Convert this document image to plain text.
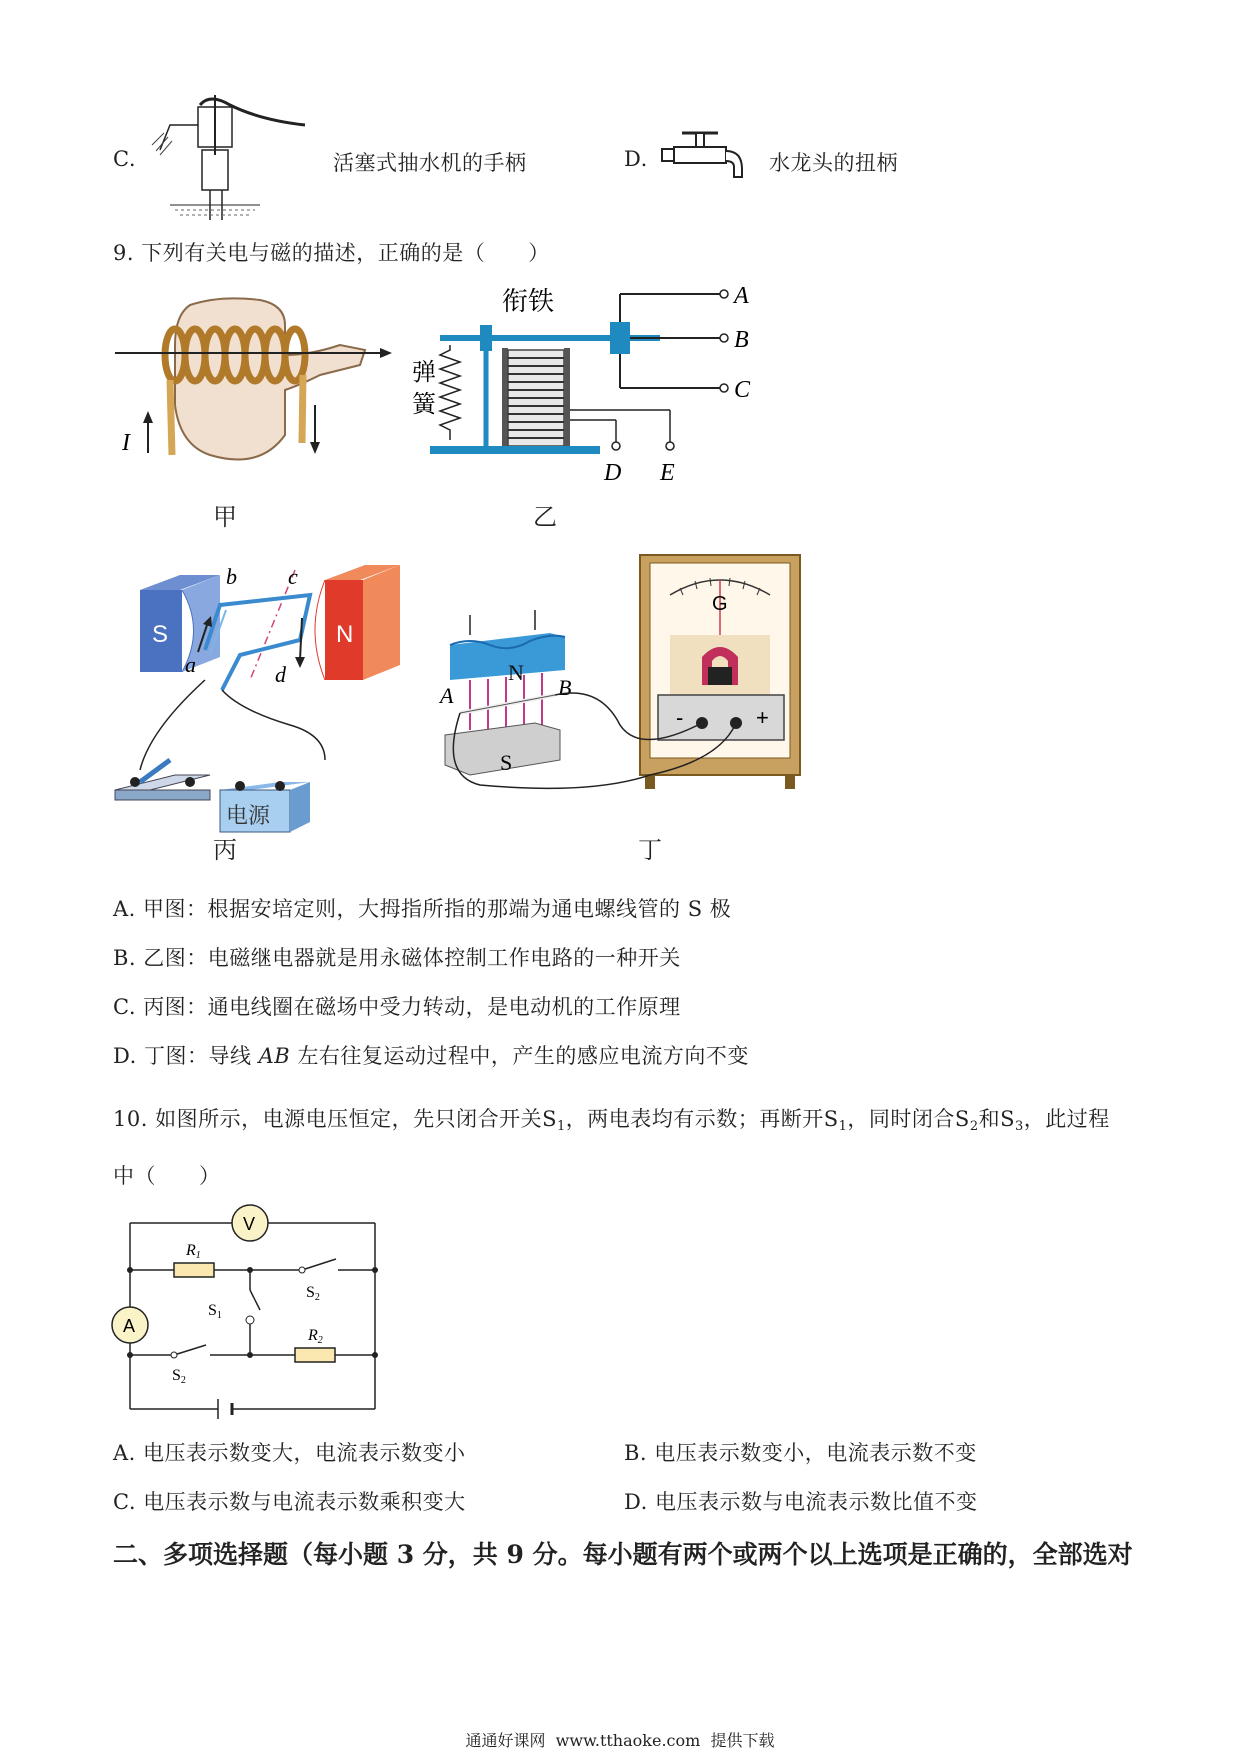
C.	活塞式抽水机的手柄	D.	水龙头的扭柄
9. 下列有关电与磁的描述，正确的是（　　）
I
甲
衔铁	A
B
C
弹
簧
D E
乙
S	N
b c
a	d
电源
丙
G
-	+
N
S
A	B
丁
A. 甲图：根据安培定则，大拇指所指的那端为通电螺线管的 S 极
B. 乙图：电磁继电器就是用永磁体控制工作电路的一种开关
C. 丙图：通电线圈在磁场中受力转动，是电动机的工作原理
D. 丁图：导线 AB 左右往复运动过程中，产生的感应电流方向不变
10. 如图所示，电源电压恒定，先只闭合开关$S_1$，两电表均有示数；再断开$S_1$，同时闭合$S_2$和$S_3$，此过程
中（　　）
V
A
R1
R2
S2
S1
S2
A. 电压表示数变大，电流表示数变小	B. 电压表示数变小，电流表示数不变
C. 电压表示数与电流表示数乘积变大	D. 电压表示数与电流表示数比值不变
二、多项选择题（每小题 3 分，共 9 分。每小题有两个或两个以上选项是正确的，全部选对
通通好课网  www.tthaoke.com  提供下载
